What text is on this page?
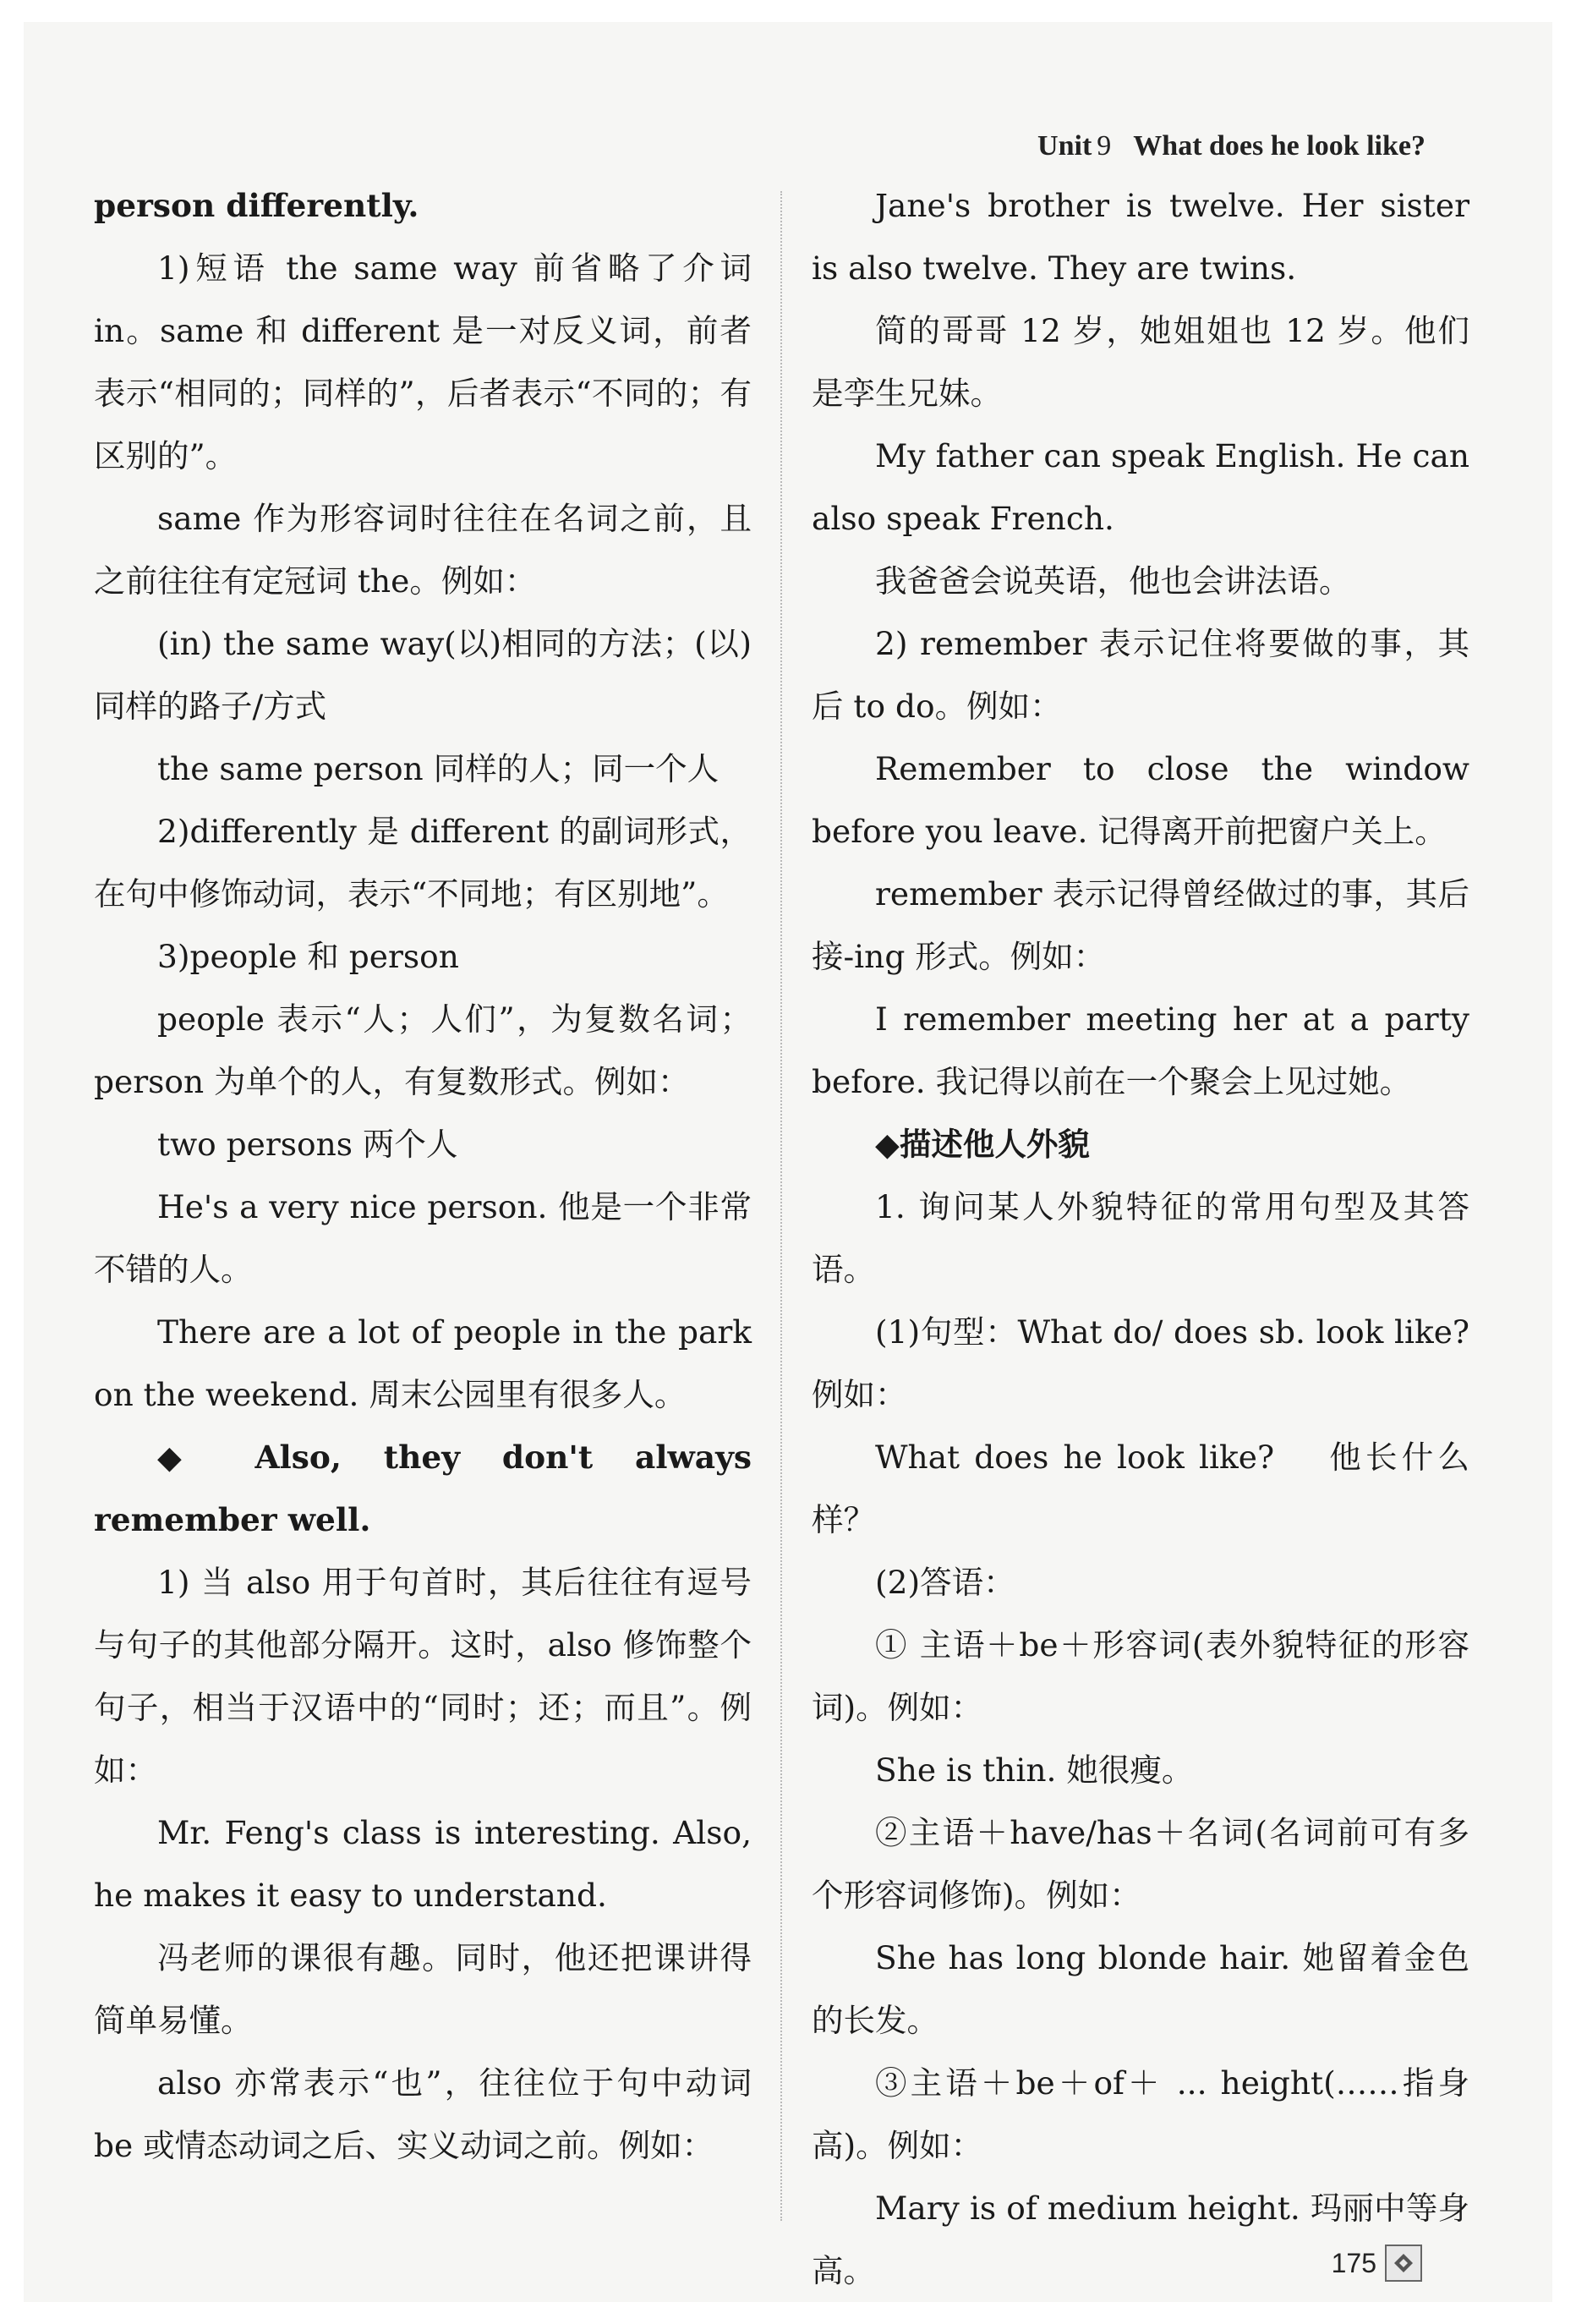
Unit 9 What does he look like?

person differently.

1)短语 the same way 前省略了介词 in。same 和 different 是一对反义词，前者表示“相同的；同样的”，后者表示“不同的；有区别的”。

same 作为形容词时往往在名词之前，且之前往往有定冠词 the。例如：

(in) the same way(以)相同的方法；(以)同样的路子/方式

the same person 同样的人；同一个人

2)differently 是 different 的副词形式，在句中修饰动词，表示“不同地；有区别地”。

3)people 和 person

people 表示“人；人们”，为复数名词；person 为单个的人，有复数形式。例如：

two persons 两个人

He's a very nice person. 他是一个非常不错的人。

There are a lot of people in the park on the weekend. 周末公园里有很多人。

◆ Also, they don't always remember well.

1) 当 also 用于句首时，其后往往有逗号与句子的其他部分隔开。这时，also 修饰整个句子，相当于汉语中的“同时；还；而且”。例如：

Mr. Feng's class is interesting. Also, he makes it easy to understand.

冯老师的课很有趣。同时，他还把课讲得简单易懂。

also 亦常表示“也”，往往位于句中动词 be 或情态动词之后、实义动词之前。例如：

Jane's brother is twelve. Her sister is also twelve. They are twins.

简的哥哥 12 岁，她姐姐也 12 岁。他们是孪生兄妹。

My father can speak English. He can also speak French.

我爸爸会说英语，他也会讲法语。

2) remember 表示记住将要做的事，其后 to do。例如：

Remember to close the window before you leave. 记得离开前把窗户关上。

remember 表示记得曾经做过的事，其后接-ing 形式。例如：

I remember meeting her at a party before. 我记得以前在一个聚会上见过她。

◆描述他人外貌

1. 询问某人外貌特征的常用句型及其答语。

(1)句型：What do/ does sb. look like? 例如：

What does he look like?　 他长什么样？

(2)答语：

① 主语＋be＋形容词(表外貌特征的形容词)。例如：

She is thin. 她很瘦。

②主语＋have/has＋名词(名词前可有多个形容词修饰)。例如：

She has long blonde hair. 她留着金色的长发。

③主语＋be＋of＋ ... height(……指身高)。例如：

Mary is of medium height. 玛丽中等身高。	175
